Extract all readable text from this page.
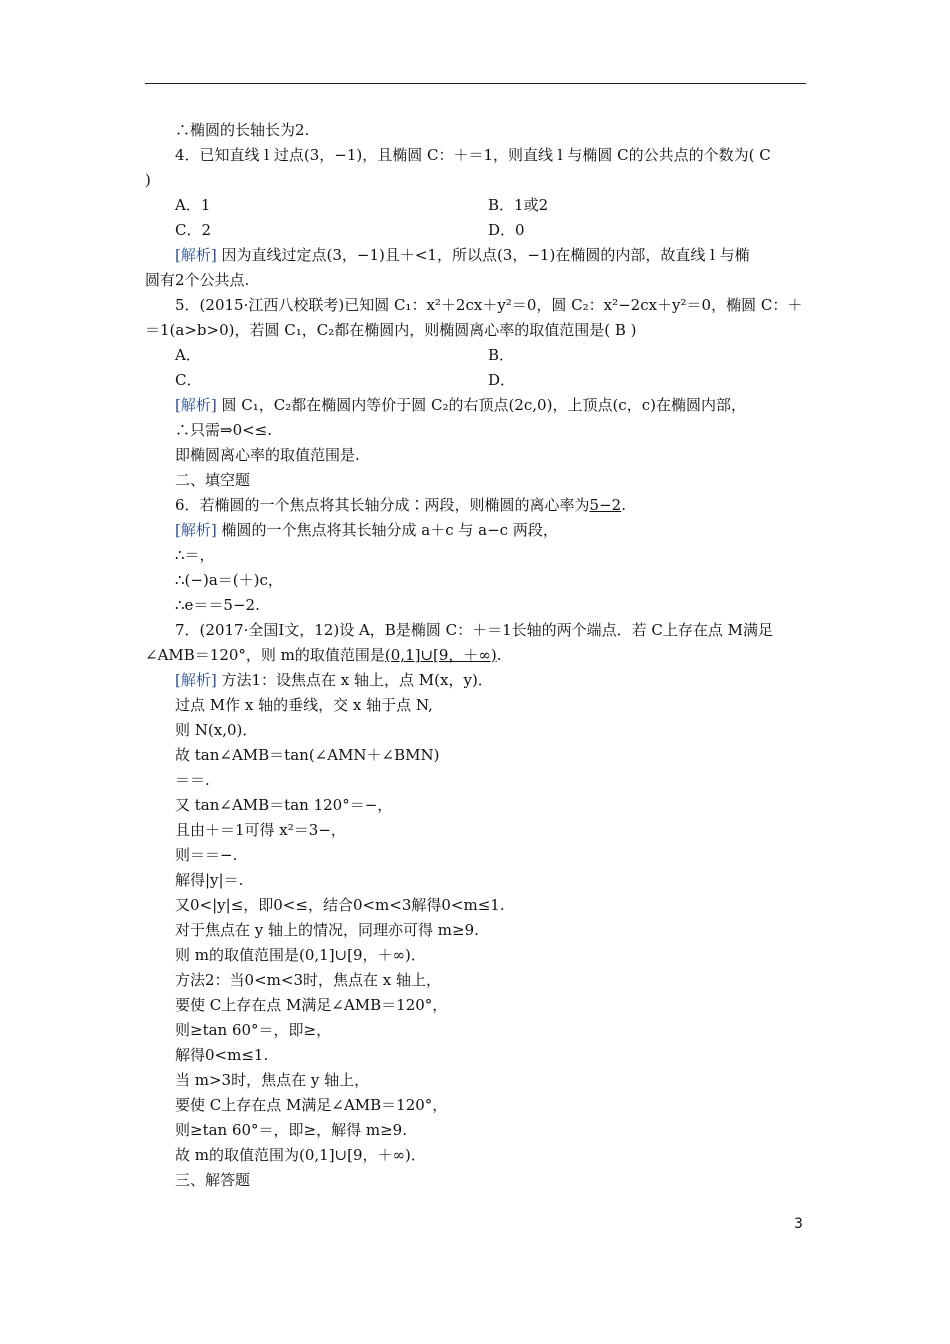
∴椭圆的长轴长为2.
4．已知直线 l 过点(3，−1)，且椭圆 C：＋＝1，则直线 l 与椭圆 C的公共点的个数为( C
)
A．1	B．1或2
C．2	D．0
[解析] 因为直线过定点(3，−1)且＋<1，所以点(3，−1)在椭圆的内部，故直线 l 与椭
圆有2个公共点.
5．(2015·江西八校联考)已知圆 C₁：x²＋2cx＋y²＝0，圆 C₂：x²−2cx＋y²＝0，椭圆 C：＋
＝1(a>b>0)，若圆 C₁，C₂都在椭圆内，则椭圆离心率的取值范围是( B )
A．	B．
C．	D．
[解析] 圆 C₁，C₂都在椭圆内等价于圆 C₂的右顶点(2c,0)，上顶点(c，c)在椭圆内部，
∴只需⇒0<≤.
即椭圆离心率的取值范围是.
二、填空题
6．若椭圆的一个焦点将其长轴分成∶两段，则椭圆的离心率为5−2.
[解析] 椭圆的一个焦点将其长轴分成 a＋c 与 a−c 两段，
∴＝，
∴(−)a＝(＋)c，
∴e＝＝5−2.
7．(2017·全国Ⅰ文，12)设 A，B是椭圆 C：＋＝1长轴的两个端点．若 C上存在点 M满足
∠AMB＝120°，则 m的取值范围是(0,1]∪[9，＋∞).
[解析] 方法1：设焦点在 x 轴上，点 M(x，y)．
过点 M作 x 轴的垂线，交 x 轴于点 N,
则 N(x,0)．
故 tan∠AMB＝tan(∠AMN＋∠BMN)
＝＝.
又 tan∠AMB＝tan 120°＝−，
且由＋＝1可得 x²＝3−，
则＝＝−.
解得|y|＝.
又0<|y|≤，即0<≤，结合0<m<3解得0<m≤1.
对于焦点在 y 轴上的情况，同理亦可得 m≥9.
则 m的取值范围是(0,1]∪[9，＋∞)．
方法2：当0<m<3时，焦点在 x 轴上，
要使 C上存在点 M满足∠AMB＝120°，
则≥tan 60°＝，即≥，
解得0<m≤1.
当 m>3时，焦点在 y 轴上，
要使 C上存在点 M满足∠AMB＝120°，
则≥tan 60°＝，即≥，解得 m≥9.
故 m的取值范围为(0,1]∪[9，＋∞)．
三、解答题
3
